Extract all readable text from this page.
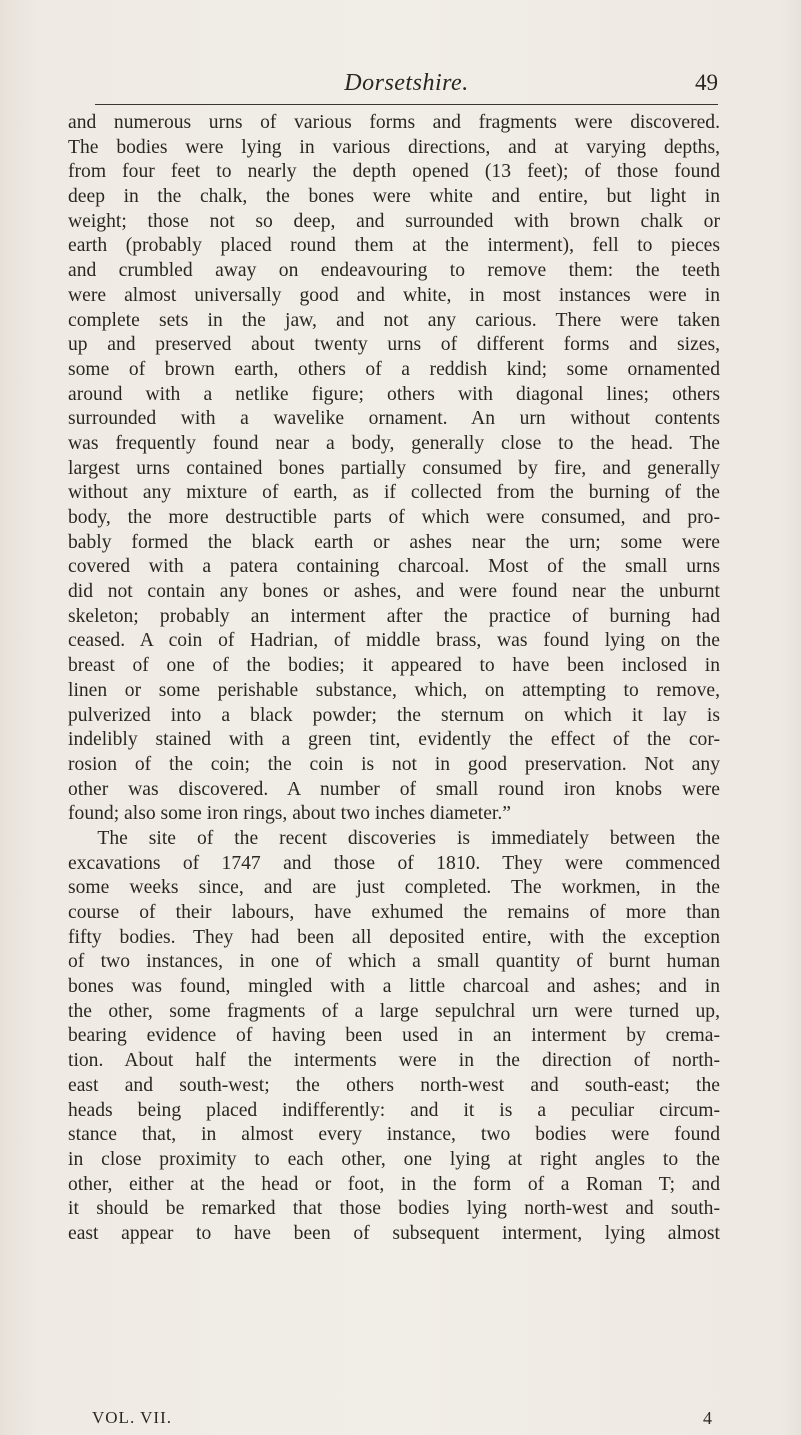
Dorsetshire.	49
and numerous urns of various forms and fragments were discovered.
The bodies were lying in various directions, and at varying depths,
from four feet to nearly the depth opened (13 feet); of those found
deep in the chalk, the bones were white and entire, but light in
weight; those not so deep, and surrounded with brown chalk or
earth (probably placed round them at the interment), fell to pieces
and crumbled away on endeavouring to remove them: the teeth
were almost universally good and white, in most instances were in
complete sets in the jaw, and not any carious. There were taken
up and preserved about twenty urns of different forms and sizes,
some of brown earth, others of a reddish kind; some ornamented
around with a netlike figure; others with diagonal lines; others
surrounded with a wavelike ornament. An urn without contents
was frequently found near a body, generally close to the head. The
largest urns contained bones partially consumed by fire, and generally
without any mixture of earth, as if collected from the burning of the
body, the more destructible parts of which were consumed, and pro-
bably formed the black earth or ashes near the urn; some were
covered with a patera containing charcoal. Most of the small urns
did not contain any bones or ashes, and were found near the unburnt
skeleton; probably an interment after the practice of burning had
ceased. A coin of Hadrian, of middle brass, was found lying on the
breast of one of the bodies; it appeared to have been inclosed in
linen or some perishable substance, which, on attempting to remove,
pulverized into a black powder; the sternum on which it lay is
indelibly stained with a green tint, evidently the effect of the cor-
rosion of the coin; the coin is not in good preservation. Not any
other was discovered. A number of small round iron knobs were
found; also some iron rings, about two inches diameter.”
The site of the recent discoveries is immediately between the
excavations of 1747 and those of 1810. They were commenced
some weeks since, and are just completed. The workmen, in the
course of their labours, have exhumed the remains of more than
fifty bodies. They had been all deposited entire, with the exception
of two instances, in one of which a small quantity of burnt human
bones was found, mingled with a little charcoal and ashes; and in
the other, some fragments of a large sepulchral urn were turned up,
bearing evidence of having been used in an interment by crema-
tion. About half the interments were in the direction of north-
east and south-west; the others north-west and south-east; the
heads being placed indifferently: and it is a peculiar circum-
stance that, in almost every instance, two bodies were found
in close proximity to each other, one lying at right angles to the
other, either at the head or foot, in the form of a Roman T; and
it should be remarked that those bodies lying north-west and south-
east appear to have been of subsequent interment, lying almost
VOL. VII.	4
